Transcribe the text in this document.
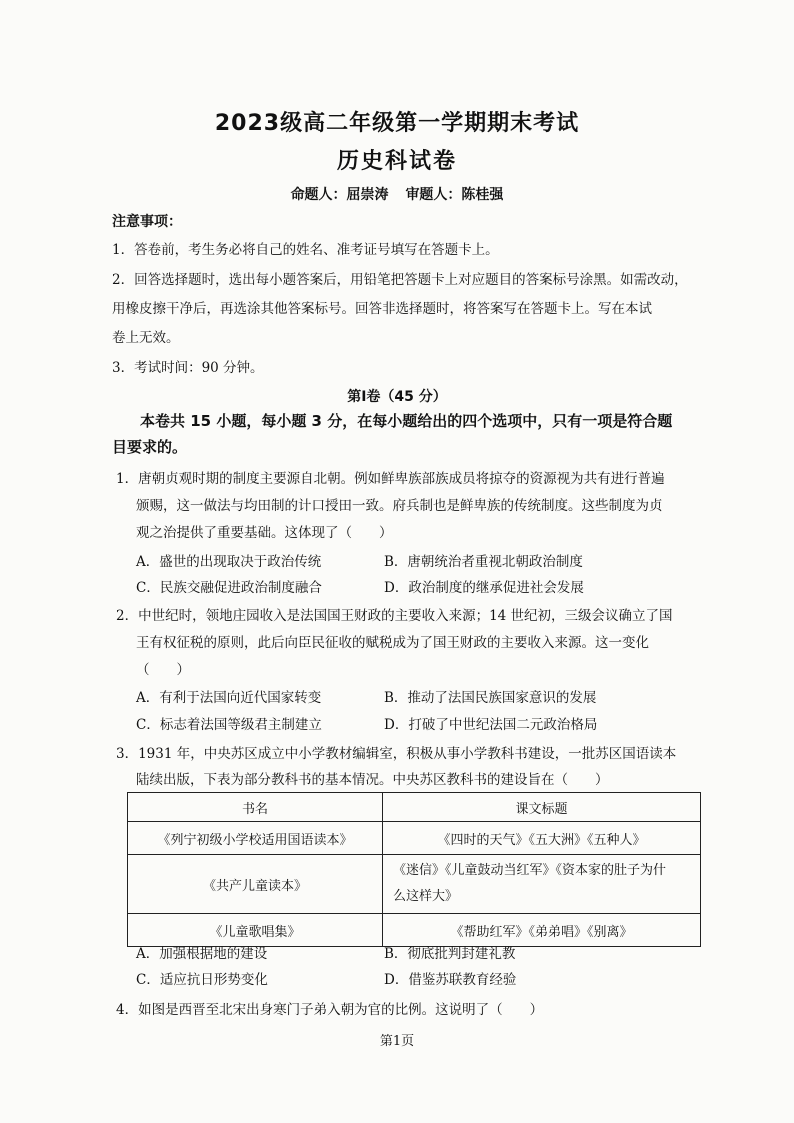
2023级高二年级第一学期期末考试
历史科试卷
命题人：屈崇涛 审题人：陈桂强
注意事项：
1．答卷前，考生务必将自己的姓名、准考证号填写在答题卡上。
2．回答选择题时，选出每小题答案后，用铅笔把答题卡上对应题目的答案标号涂黑。如需改动，
用橡皮擦干净后，再选涂其他答案标号。回答非选择题时，将答案写在答题卡上。写在本试
卷上无效。
3．考试时间：90 分钟。
第Ⅰ卷（45 分）
本卷共 15 小题，每小题 3 分，在每小题给出的四个选项中，只有一项是符合题
目要求的。
1．唐朝贞观时期的制度主要源自北朝。例如鲜卑族部族成员将掠夺的资源视为共有进行普遍
颁赐，这一做法与均田制的计口授田一致。府兵制也是鲜卑族的传统制度。这些制度为贞
观之治提供了重要基础。这体现了（　　）
A．盛世的出现取决于政治传统	B．唐朝统治者重视北朝政治制度
C．民族交融促进政治制度融合	D．政治制度的继承促进社会发展
2．中世纪时，领地庄园收入是法国国王财政的主要收入来源；14 世纪初，三级会议确立了国
王有权征税的原则，此后向臣民征收的赋税成为了国王财政的主要收入来源。这一变化
（　　）
A．有利于法国向近代国家转变	B．推动了法国民族国家意识的发展
C．标志着法国等级君主制建立	D．打破了中世纪法国二元政治格局
3．1931 年，中央苏区成立中小学教材编辑室，积极从事小学教科书建设，一批苏区国语读本
陆续出版，下表为部分教科书的基本情况。中央苏区教科书的建设旨在（　　）
书名	课文标题
《列宁初级小学校适用国语读本》	《四时的天气》《五大洲》《五种人》
《共产儿童读本》	《迷信》《儿童鼓动当红军》《资本家的肚子为什
么这样大》

《儿童歌唱集》	《帮助红军》《弟弟唱》《别离》
A．加强根据地的建设	B．彻底批判封建礼教
C．适应抗日形势变化	D．借鉴苏联教育经验
4．如图是西晋至北宋出身寒门子弟入朝为官的比例。这说明了（　　）
第1页
